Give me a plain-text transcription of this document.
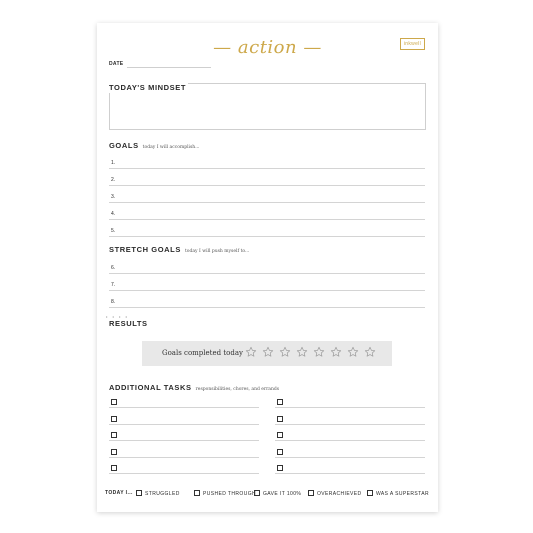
— action —	inkwell
DATE
TODAY'S MINDSET
GOALS today I will accomplish...
1.
2.
3.
4.
5.
STRETCH GOALS today I will push myself to...
6.
7.
8.
• • • •
RESULTS
Goals completed today
ADDITIONAL TASKS responsibilities, chores, and errands
TODAY I...	STRUGGLED	PUSHED THROUGH	GAVE IT 100%	OVERACHIEVED	WAS A SUPERSTAR
